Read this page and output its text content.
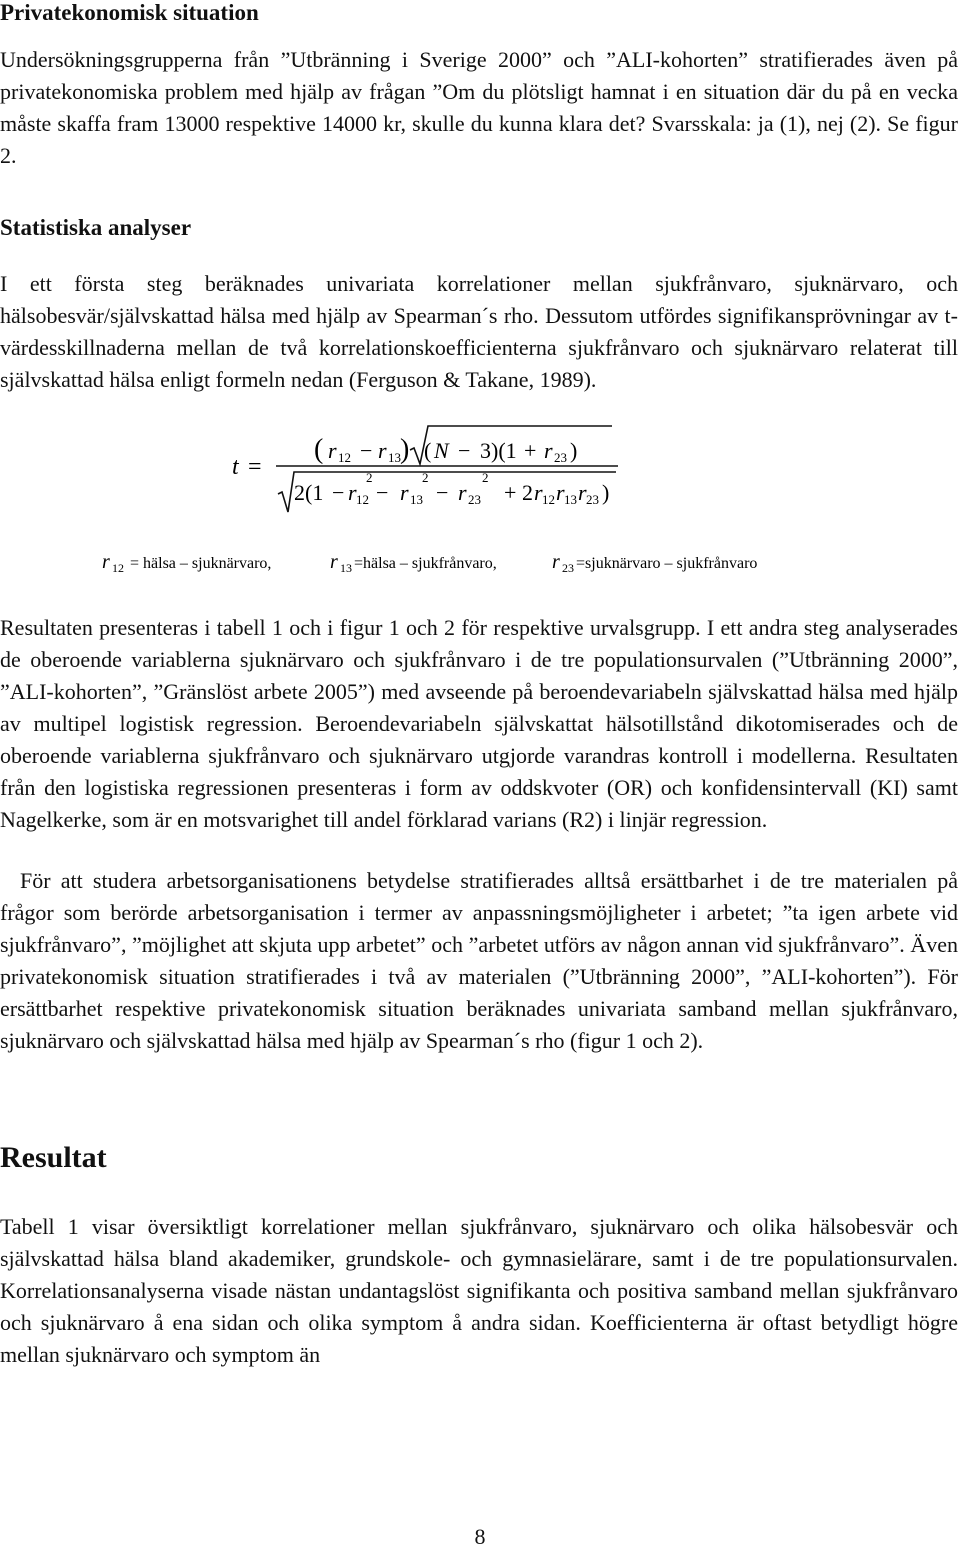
Privatekonomisk situation

Undersökningsgrupperna från ”Utbränning i Sverige 2000” och ”ALI-kohorten” stratifierades även på privatekonomiska problem med hjälp av frågan ”Om du plötsligt hamnat i en situation där du på en vecka måste skaffa fram 13000 respektive 14000 kr, skulle du kunna klara det? Svarsskala: ja (1), nej (2). Se figur 2.

Statistiska analyser

I ett första steg beräknades univariata korrelationer mellan sjukfrånvaro, sjuknärvaro, och hälsobesvär/självskattad hälsa med hjälp av Spearman´s rho. Dessutom utfördes signifikansprövningar av t-värdesskillnaderna mellan de två korrelationskoefficienterna sjukfrånvaro och sjuknärvaro relaterat till självskattad hälsa enligt formeln nedan (Ferguson & Takane, 1989).

t =
( r 12 − r 13 ) ( N − 3)(1 + r 23 )
2(1 − r 12
2
− r 13
2
− r 23
2
+ 2 r 12 r 13 r 23 )
r 12 = hälsa – sjuknärvaro,	r 13 =hälsa – sjukfrånvaro,	r 23 =sjuknärvaro – sjukfrånvaro

Resultaten presenteras i tabell 1 och i figur 1 och 2 för respektive urvalsgrupp. I ett andra steg analyserades de oberoende variablerna sjuknärvaro och sjukfrånvaro i de tre populationsurvalen (”Utbränning 2000”, ”ALI-kohorten”, ”Gränslöst arbete 2005”) med avseende på beroendevariabeln självskattad hälsa med hjälp av multipel logistisk regression. Beroendevariabeln självskattat hälsotillstånd dikotomiserades och de oberoende variablerna sjukfrånvaro och sjuknärvaro utgjorde varandras kontroll i modellerna. Resultaten från den logistiska regressionen presenteras i form av oddskvoter (OR) och konfidensintervall (KI) samt Nagelkerke, som är en motsvarighet till andel förklarad varians (R2) i linjär regression.

För att studera arbetsorganisationens betydelse stratifierades alltså ersättbarhet i de tre materialen på frågor som berörde arbetsorganisation i termer av anpassningsmöjligheter i arbetet; ”ta igen arbete vid sjukfrånvaro”, ”möjlighet att skjuta upp arbetet” och ”arbetet utförs av någon annan vid sjukfrånvaro”. Även privatekonomisk situation stratifierades i två av materialen (”Utbränning 2000”, ”ALI-kohorten”). För ersättbarhet respektive privatekonomisk situation beräknades univariata samband mellan sjukfrånvaro, sjuknärvaro och självskattad hälsa med hjälp av Spearman´s rho (figur 1 och 2).

Resultat

Tabell 1 visar översiktligt korrelationer mellan sjukfrånvaro, sjuknärvaro och olika hälsobesvär och självskattad hälsa bland akademiker, grundskole- och gymnasielärare, samt i de tre populationsurvalen. Korrelationsanalyserna visade nästan undantagslöst signifikanta och positiva samband mellan sjukfrånvaro och sjuknärvaro å ena sidan och olika symptom å andra sidan. Koefficienterna är oftast betydligt högre mellan sjuknärvaro och symptom än

8
